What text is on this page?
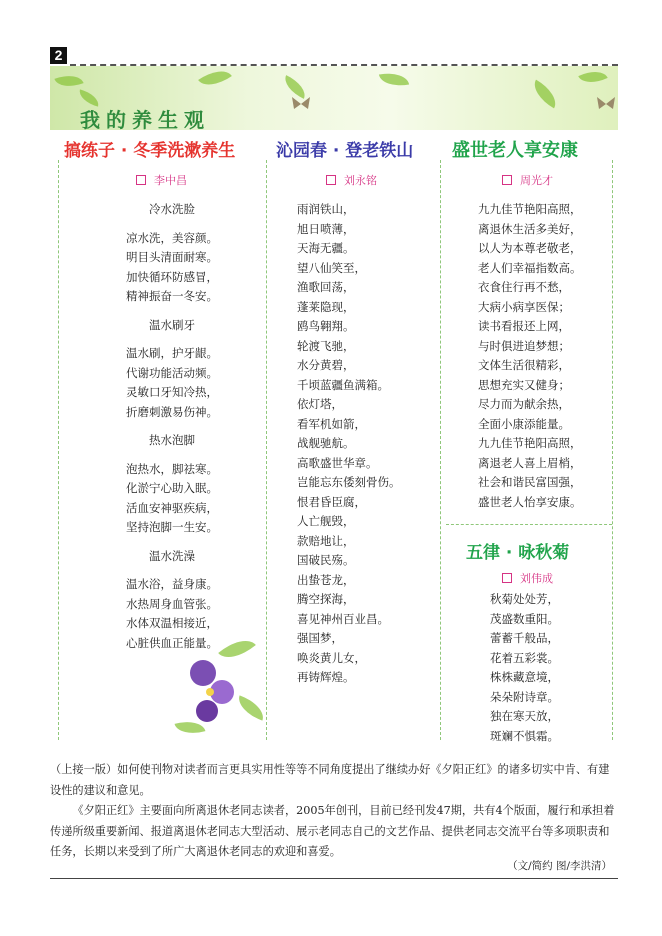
2
我的养生观
搞练子 · 冬季洗漱养生
李中昌
冷水洗脸
凉水洗，美容颜。
明目头清面耐寒。
加快循环防感冒，
精神振奋一冬安。
温水刷牙
温水刷，护牙龈。
代谢功能活动频。
灵敏口牙知冷热，
折磨刺激易伤神。
热水泡脚
泡热水，脚祛寒。
化淤宁心助入眠。
活血安神驱疾病，
坚持泡脚一生安。
温水洗澡
温水浴，益身康。
水热周身血管张。
水体双温相接近，
心脏供血正能量。
沁园春 · 登老铁山
刘永铭
雨润铁山，
旭日喷薄，
天海无疆。
望八仙笑至，
渔歌回荡，
蓬莱隐现，
鸥鸟翱翔。
轮渡飞驰，
水分黄碧，
千顷蓝疆鱼满箱。
依灯塔，
看军机如箭，
战舰驰航。
高歌盛世华章。
岂能忘东倭刻骨伤。
恨君昏臣腐，
人亡舰毁，
款赔地让，
国破民殇。
出蛰苍龙，
腾空探海，
喜见神州百业昌。
强国梦，
唤炎黄儿女，
再铸辉煌。
盛世老人享安康
周光才
九九佳节艳阳高照，
离退休生活多美好，
以人为本尊老敬老，
老人们幸福指数高。
衣食住行再不愁，
大病小病享医保；
读书看报还上网，
与时俱进追梦想；
文体生活很精彩，
思想充实又健身；
尽力而为献余热，
全面小康添能量。
九九佳节艳阳高照，
离退老人喜上眉梢，
社会和谐民富国强，
盛世老人怡享安康。
五律 · 咏秋菊
刘伟成
秋菊处处芳，
茂盛数重阳。
蕾蓄千般品，
花着五彩裳。
株株藏意境，
朵朵附诗章。
独在寒天放，
斑斓不惧霜。
（上接一版）如何使刊物对读者而言更具实用性等等不同角度提出了继续办好《夕阳正红》的诸多切实中肯、有建设性的建议和意见。
《夕阳正红》主要面向所离退休老同志读者，2005年创刊，目前已经刊发47期，共有4个版面，履行和承担着传递所级重要新闻、报道离退休老同志大型活动、展示老同志自己的文艺作品、提供老同志交流平台等多项职责和任务，长期以来受到了所广大离退休老同志的欢迎和喜爱。
（文/简约 图/李洪清）
